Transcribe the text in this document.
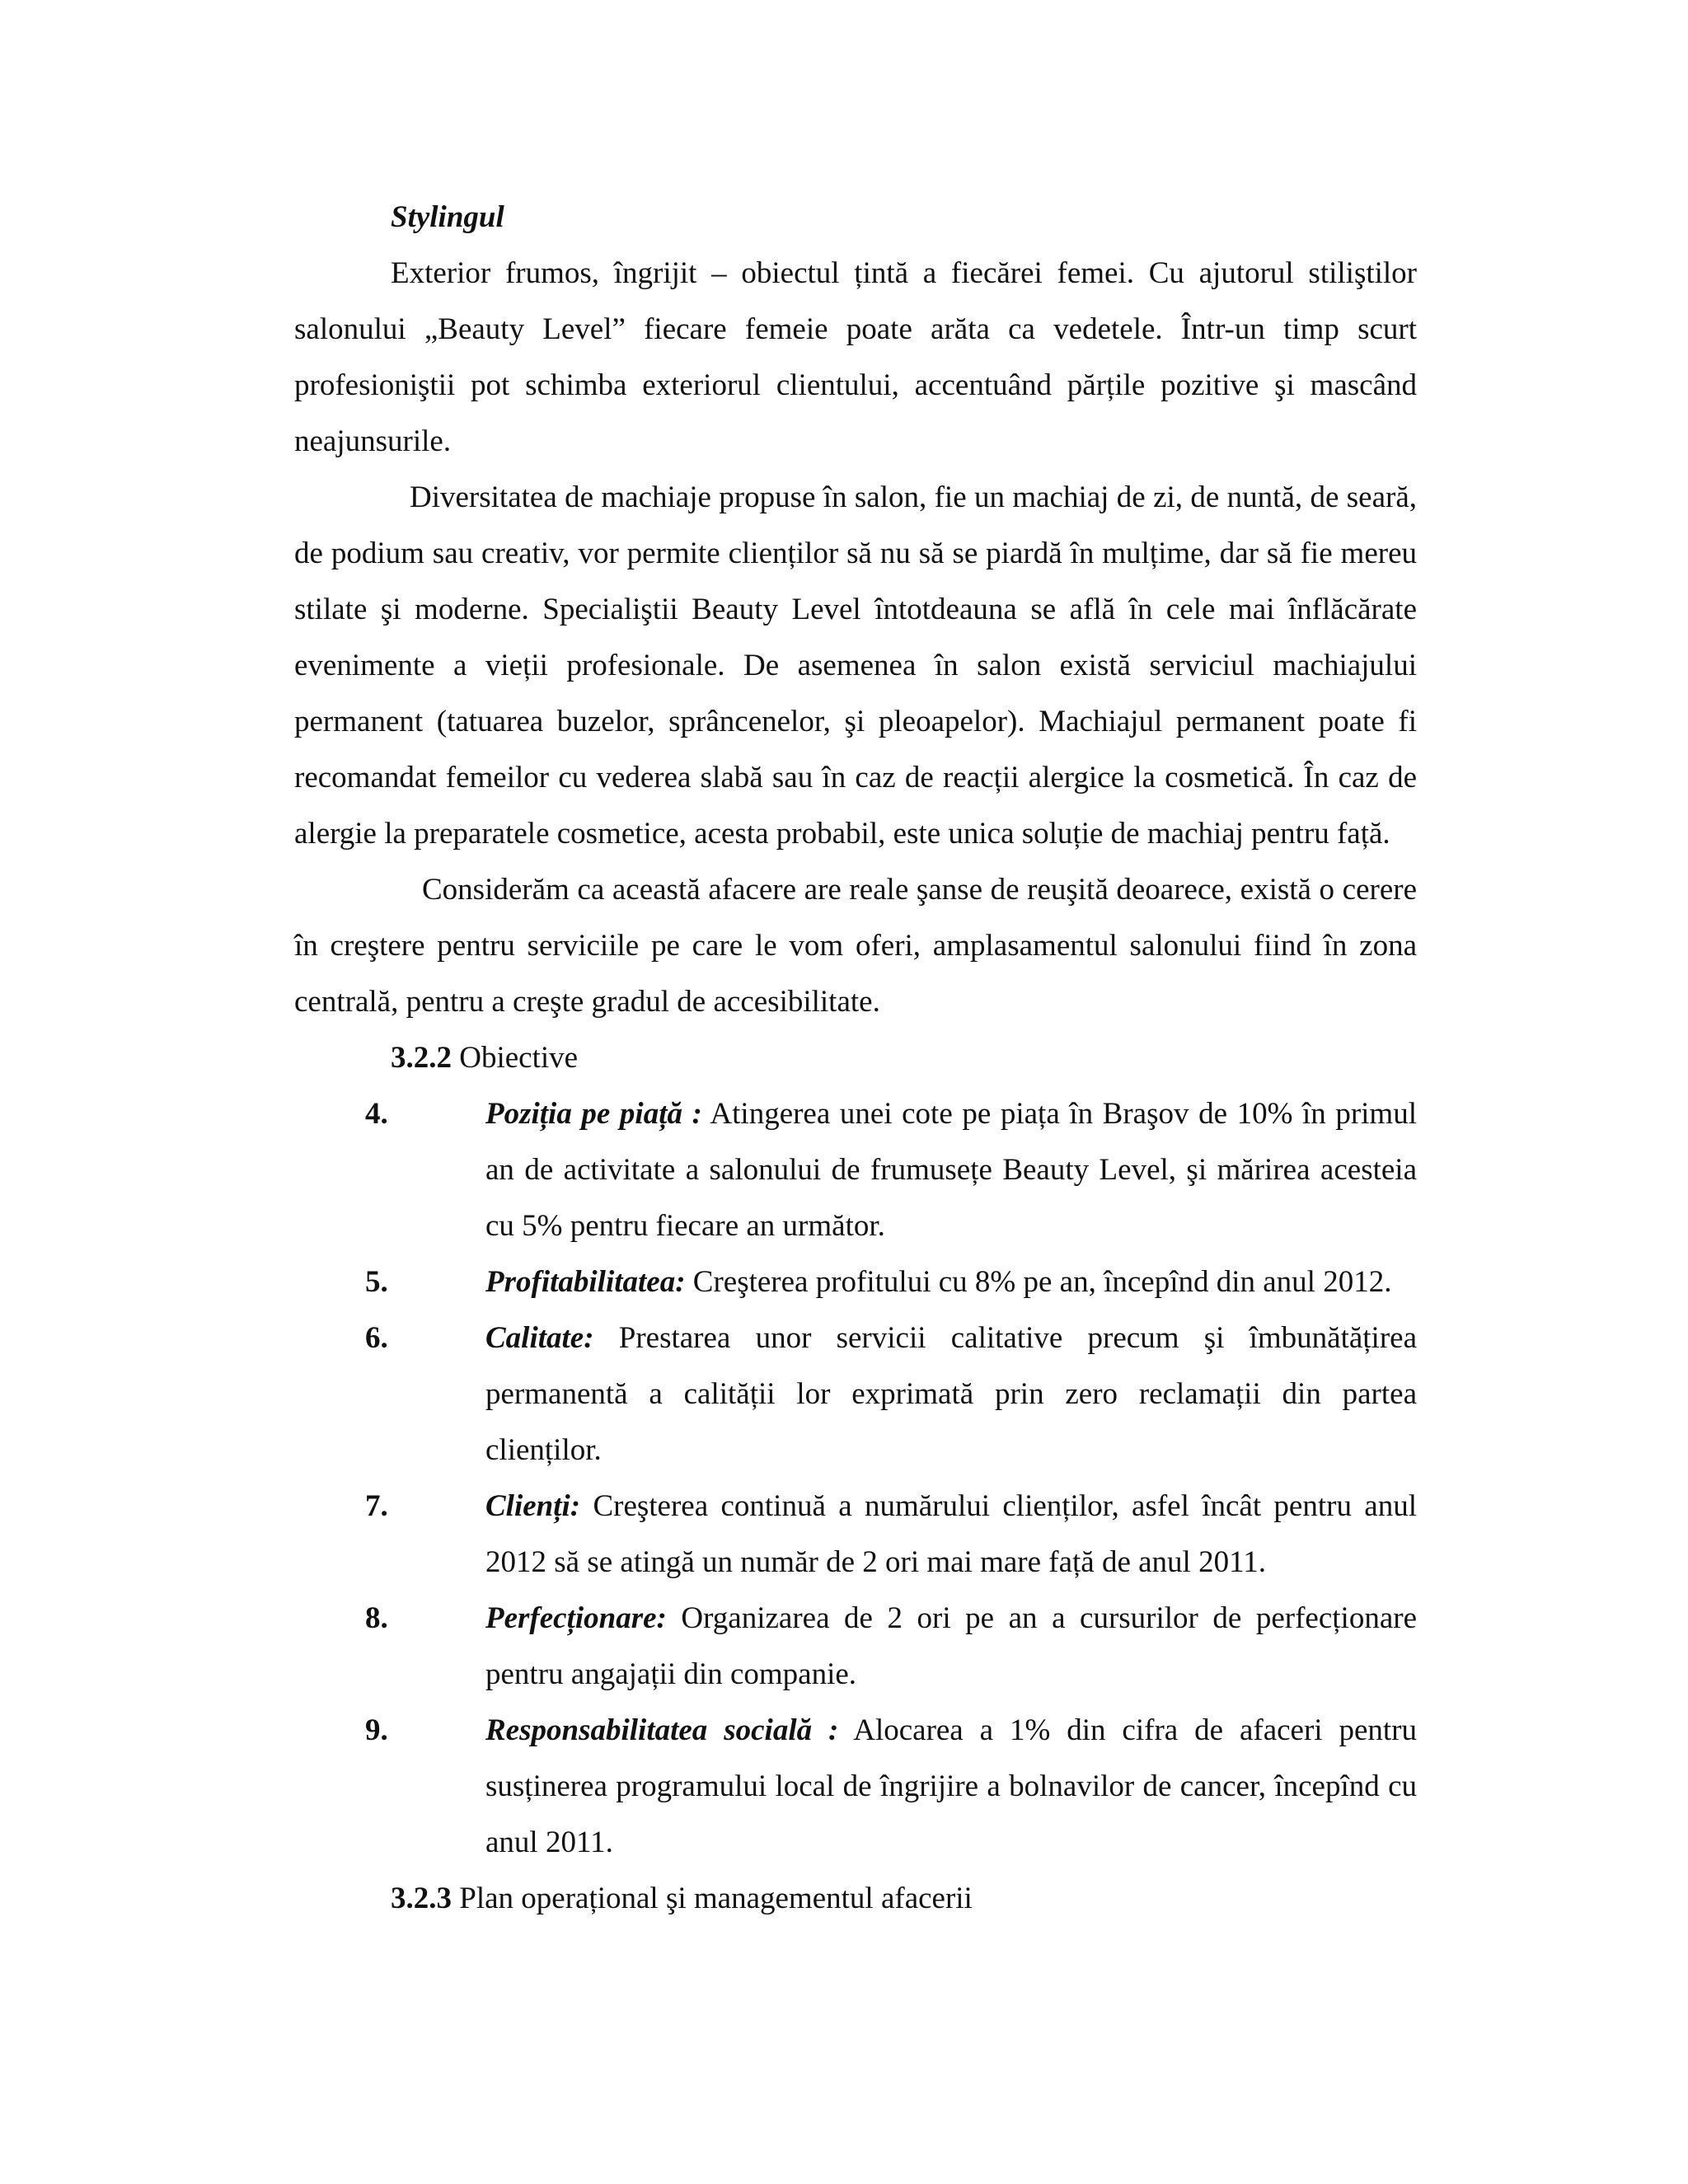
Stylingul

Exterior frumos, îngrijit – obiectul țintă a fiecărei femei. Cu ajutorul stiliştilor salonului „Beauty Level” fiecare femeie poate arăta ca vedetele. Într-un timp scurt profesioniştii pot schimba exteriorul clientului, accentuând părțile pozitive şi mascând neajunsurile.

Diversitatea de machiaje propuse în salon, fie un machiaj de zi, de nuntă, de seară, de podium sau creativ, vor permite clienților să nu să se piardă în mulțime, dar să fie mereu stilate şi moderne. Specialiştii Beauty Level întotdeauna se află în cele mai înflăcărate evenimente a vieții profesionale. De asemenea în salon există serviciul machiajului permanent (tatuarea buzelor, sprâncenelor, şi pleoapelor). Machiajul permanent poate fi recomandat femeilor cu vederea slabă sau în caz de reacții alergice la cosmetică. În caz de alergie la preparatele cosmetice, acesta probabil, este unica soluție de machiaj pentru față.

Considerăm ca această afacere are reale şanse de reuşită deoarece, există o cerere în creştere pentru serviciile pe care le vom oferi, amplasamentul salonului fiind în zona centrală, pentru a creşte gradul de accesibilitate.

3.2.2 Obiective
4.	Poziția pe piață : Atingerea unei cote pe piața în Braşov de 10% în primul an de activitate a salonului de frumusețe Beauty Level, şi mărirea acesteia cu 5% pentru fiecare an următor.
5.	Profitabilitatea: Creşterea profitului cu 8% pe an, începînd din anul 2012.
6.	Calitate: Prestarea unor servicii calitative precum şi îmbunătățirea permanentă a calității lor exprimată prin zero reclamații din partea clienților.
7.	Clienți: Creşterea continuă a numărului clienților, asfel încât pentru anul 2012 să se atingă un număr de 2 ori mai mare față de anul 2011.
8.	Perfecționare: Organizarea de 2 ori pe an a cursurilor de perfecționare pentru angajații din companie.
9.	Responsabilitatea socială : Alocarea a 1% din cifra de afaceri pentru susținerea programului local de îngrijire a bolnavilor de cancer, începînd cu anul 2011.
3.2.3 Plan operațional şi managementul afacerii
